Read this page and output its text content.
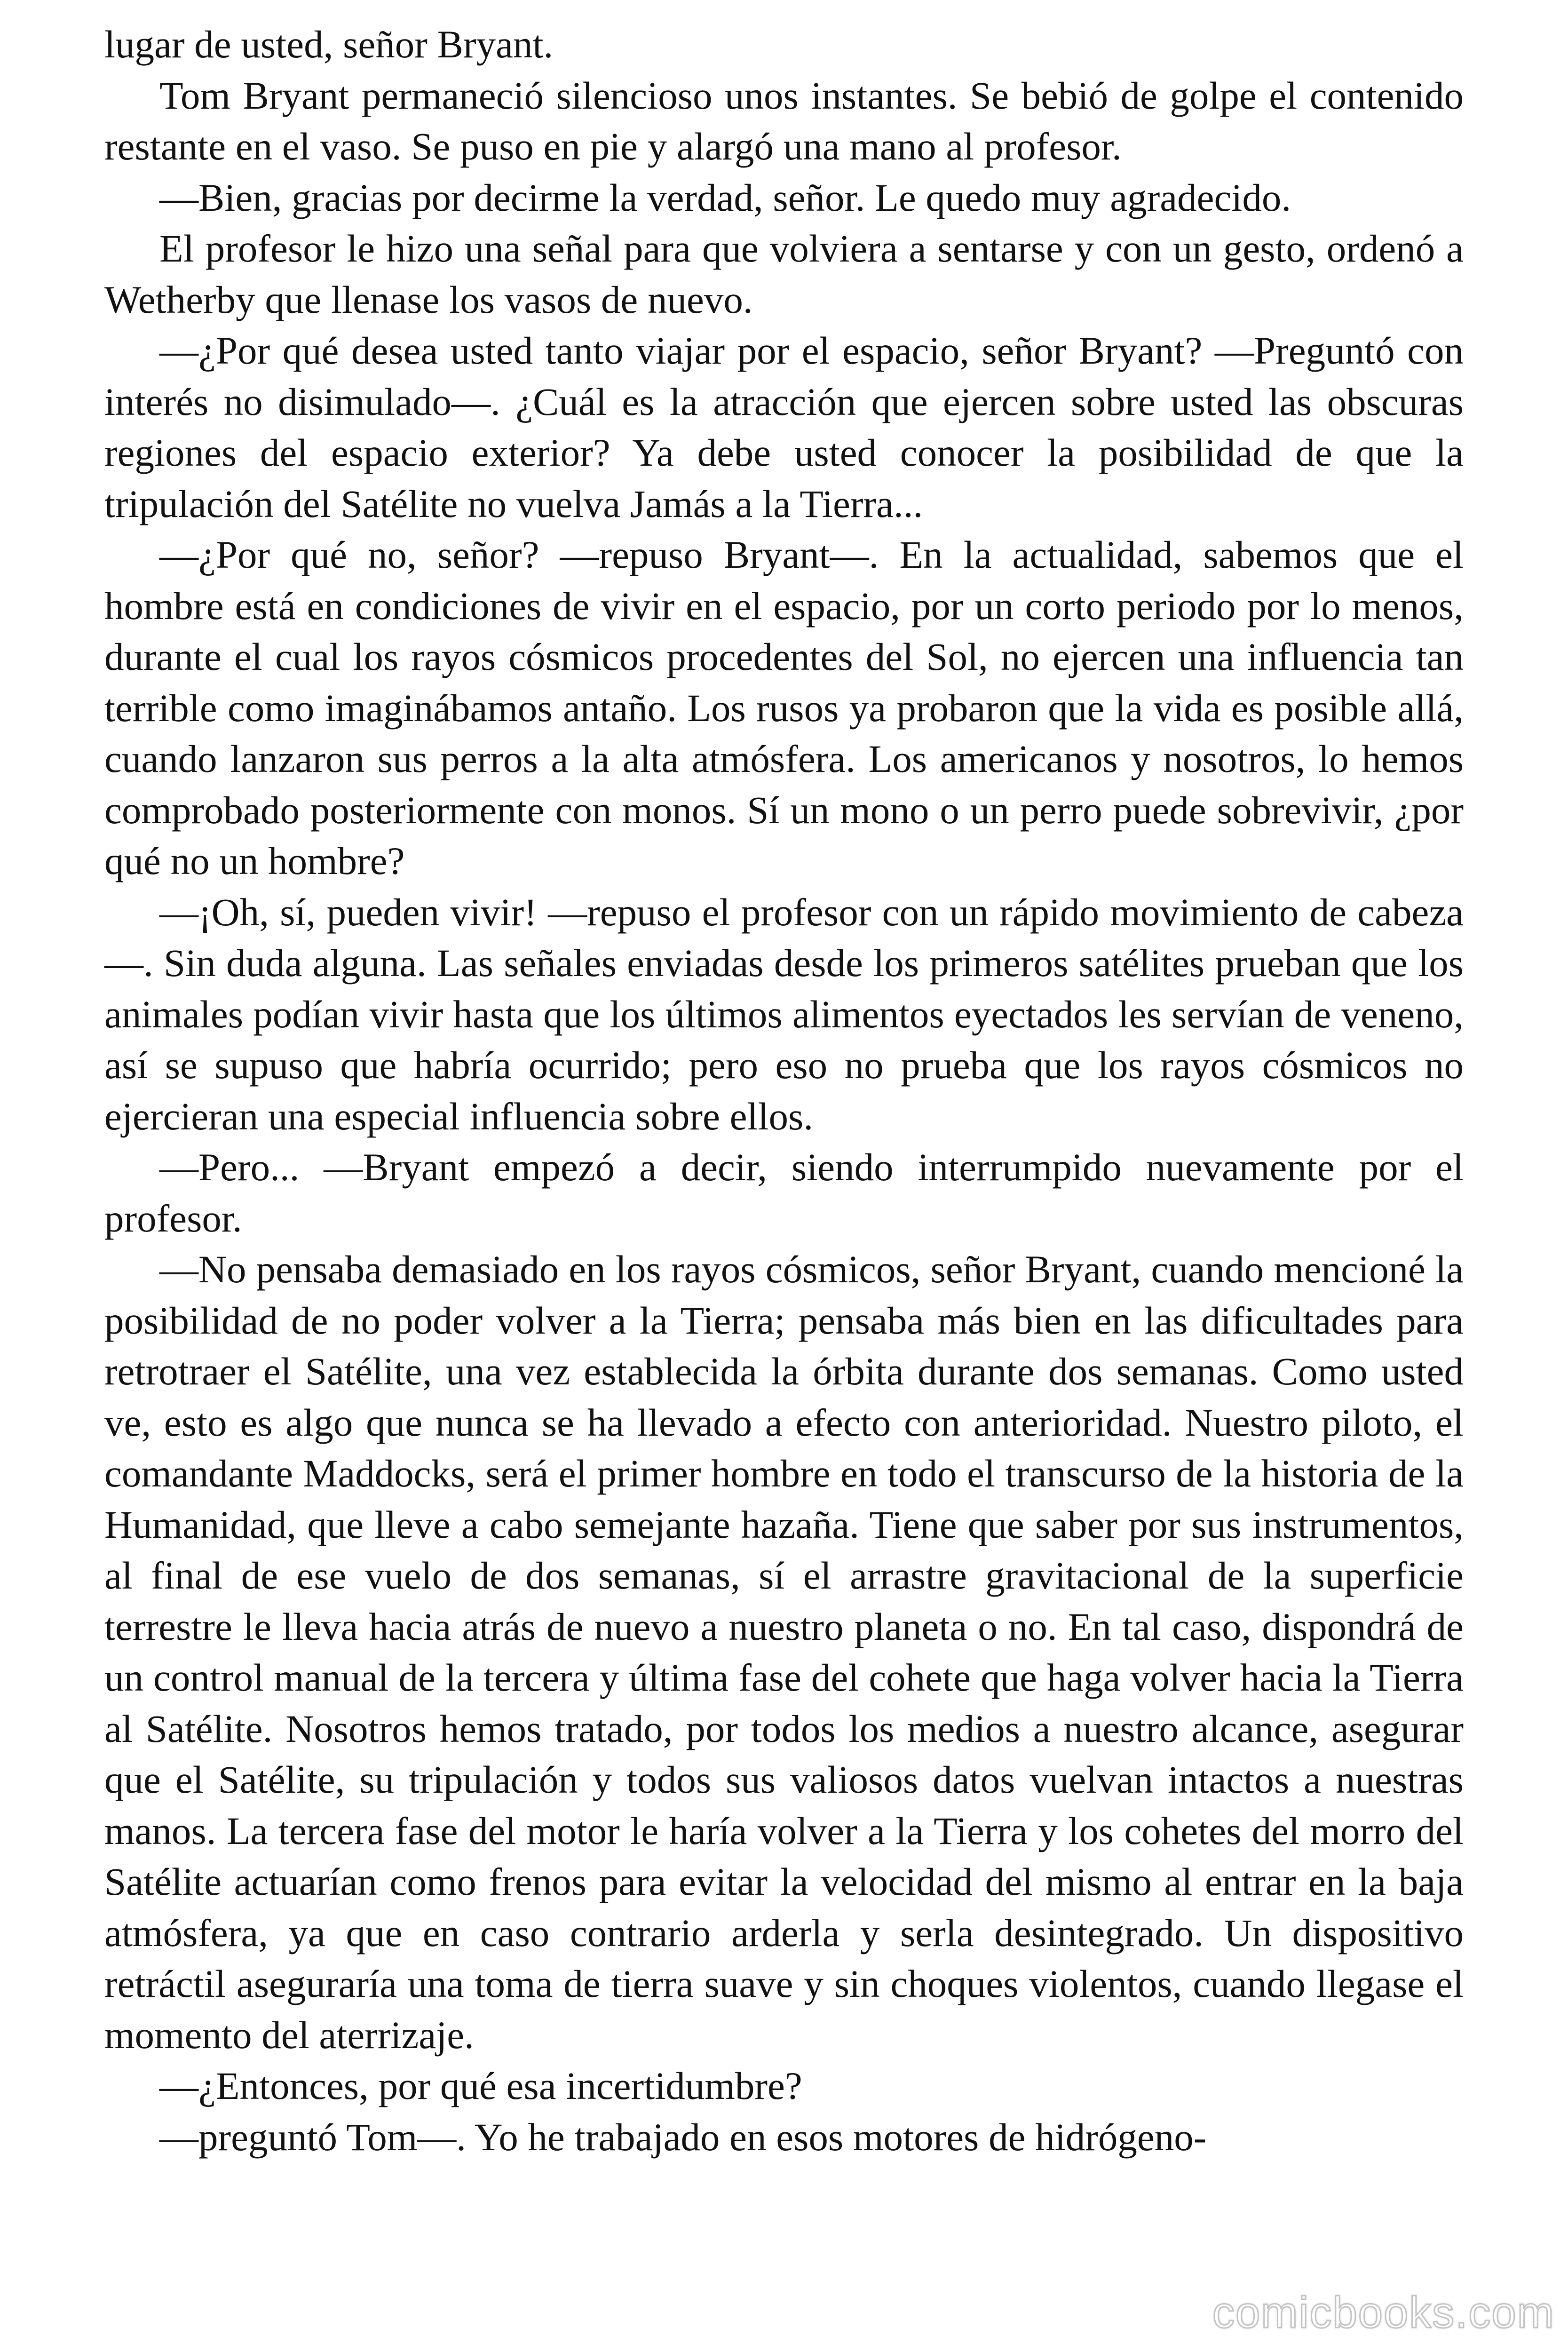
lugar de usted, señor Bryant.

Tom Bryant permaneció silencioso unos instantes. Se bebió de golpe el contenido restante en el vaso. Se puso en pie y alargó una mano al profesor.

—Bien, gracias por decirme la verdad, señor. Le quedo muy agradecido.

El profesor le hizo una señal para que volviera a sentarse y con un gesto, ordenó a Wetherby que llenase los vasos de nuevo.

—¿Por qué desea usted tanto viajar por el espacio, señor Bryant? —Preguntó con interés no disimulado—. ¿Cuál es la atracción que ejercen sobre usted las obscuras regiones del espacio exterior? Ya debe usted conocer la posibilidad de que la tripulación del Satélite no vuelva Jamás a la Tierra...

—¿Por qué no, señor? —repuso Bryant—. En la actualidad, sabemos que el hombre está en condiciones de vivir en el espacio, por un corto periodo por lo menos, durante el cual los rayos cósmicos procedentes del Sol, no ejercen una influencia tan terrible como imaginábamos antaño. Los rusos ya probaron que la vida es posible allá, cuando lanzaron sus perros a la alta atmósfera. Los americanos y nosotros, lo hemos comprobado posteriormente con monos. Sí un mono o un perro puede sobrevivir, ¿por qué no un hombre?

—¡Oh, sí, pueden vivir! —repuso el profesor con un rápido movimiento de cabeza—. Sin duda alguna. Las señales enviadas desde los primeros satélites prueban que los animales podían vivir hasta que los últimos alimentos eyectados les servían de veneno, así se supuso que habría ocurrido; pero eso no prueba que los rayos cósmicos no ejercieran una especial influencia sobre ellos.

—Pero... —Bryant empezó a decir, siendo interrumpido nuevamente por el profesor.

—No pensaba demasiado en los rayos cósmicos, señor Bryant, cuando mencioné la posibilidad de no poder volver a la Tierra; pensaba más bien en las dificultades para retrotraer el Satélite, una vez establecida la órbita durante dos semanas. Como usted ve, esto es algo que nunca se ha llevado a efecto con anterioridad. Nuestro piloto, el comandante Maddocks, será el primer hombre en todo el transcurso de la historia de la Humanidad, que lleve a cabo semejante hazaña. Tiene que saber por sus instrumentos, al final de ese vuelo de dos semanas, sí el arrastre gravitacional de la superficie terrestre le lleva hacia atrás de nuevo a nuestro planeta o no. En tal caso, dispondrá de un control manual de la tercera y última fase del cohete que haga volver hacia la Tierra al Satélite. Nosotros hemos tratado, por todos los medios a nuestro alcance, asegurar que el Satélite, su tripulación y todos sus valiosos datos vuelvan intactos a nuestras manos. La tercera fase del motor le haría volver a la Tierra y los cohetes del morro del Satélite actuarían como frenos para evitar la velocidad del mismo al entrar en la baja atmósfera, ya que en caso contrario arderla y serla desintegrado. Un dispositivo retráctil aseguraría una toma de tierra suave y sin choques violentos, cuando llegase el momento del aterrizaje.

—¿Entonces, por qué esa incertidumbre?

—preguntó Tom—. Yo he trabajado en esos motores de hidrógeno-

comicbooks.com
